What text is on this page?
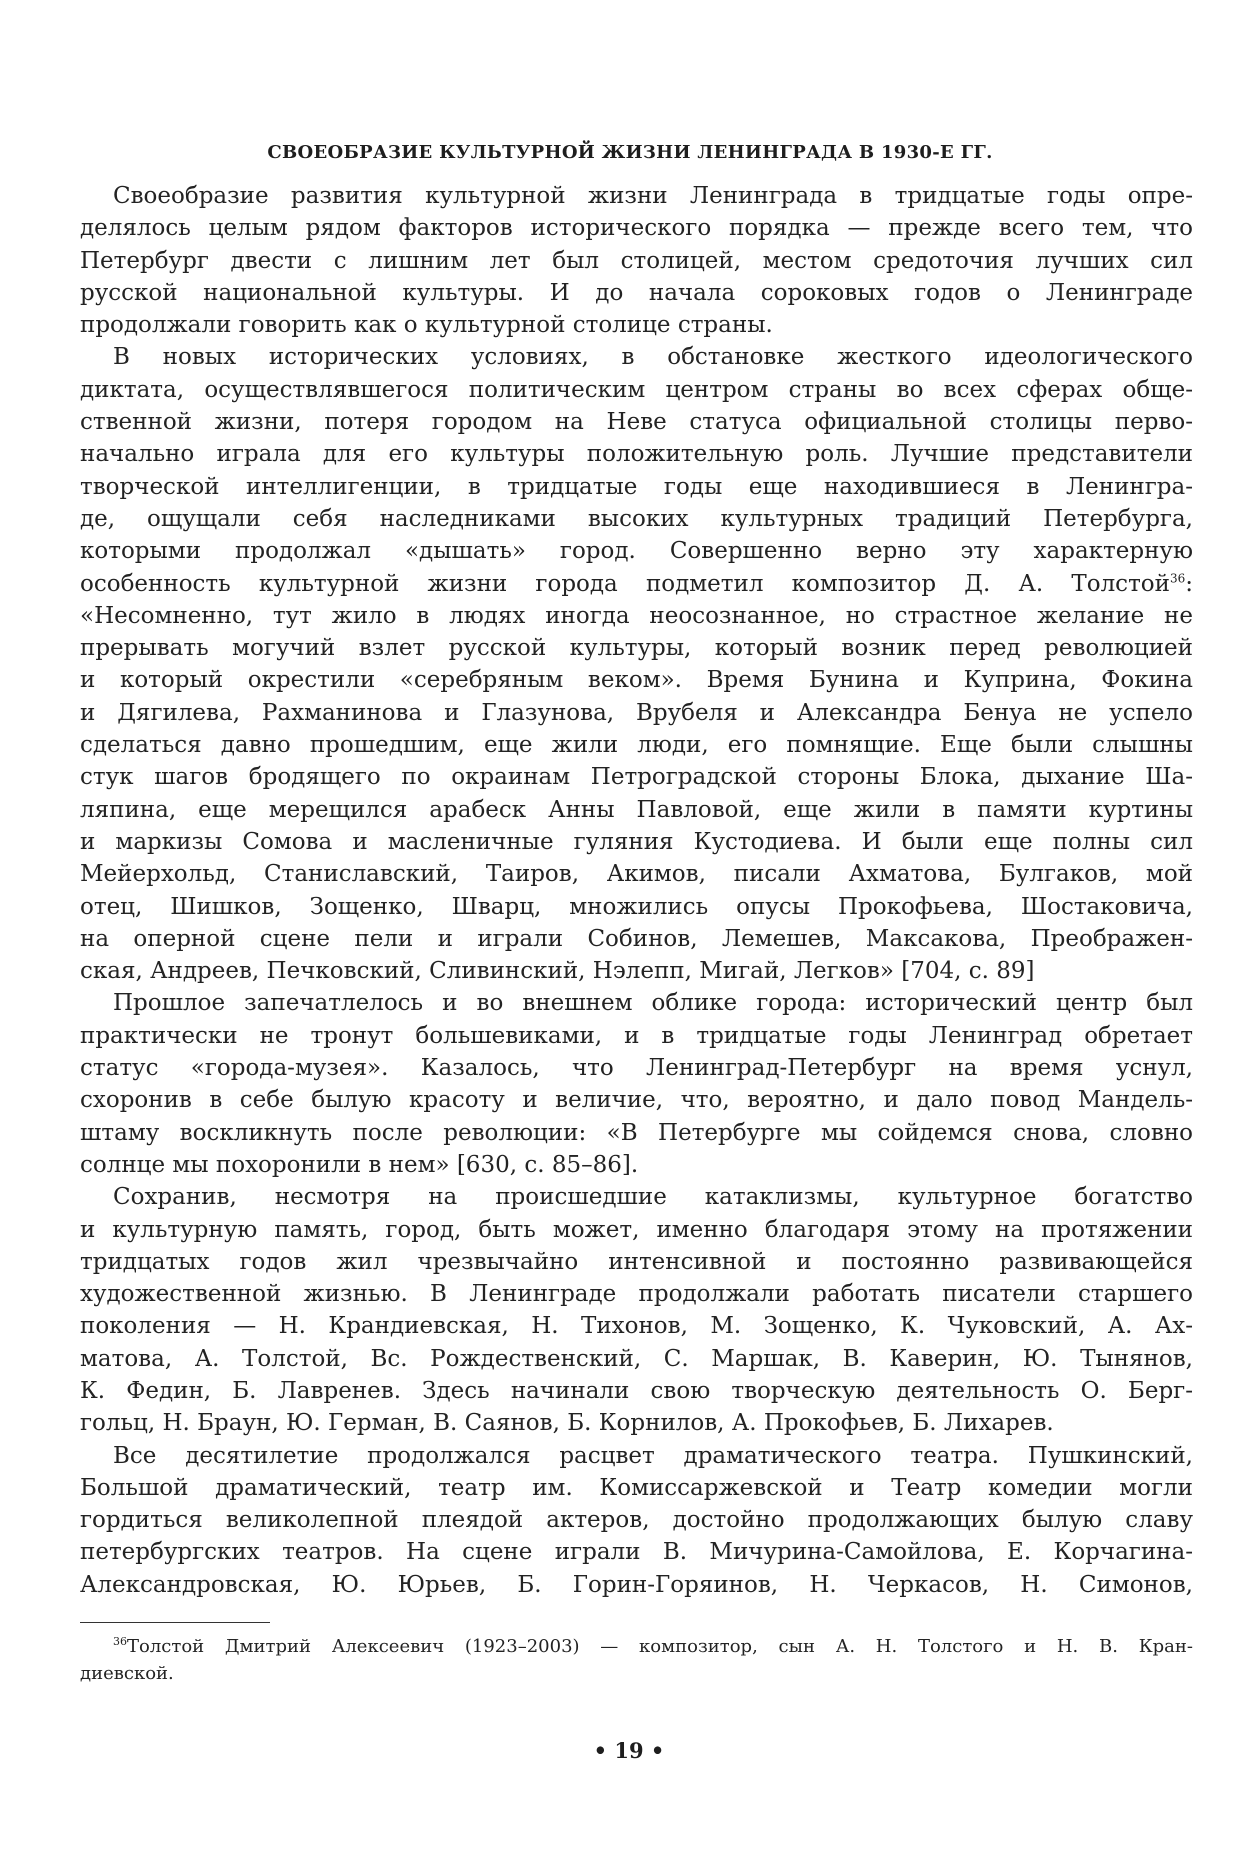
СВОЕОБРАЗИЕ КУЛЬТУРНОЙ ЖИЗНИ ЛЕНИНГРАДА В 1930-Е ГГ.
Своеобразие развития культурной жизни Ленинграда в тридцатые годы опре-
делялось целым рядом факторов исторического порядка — прежде всего тем, что
Петербург двести с лишним лет был столицей, местом средоточия лучших сил
русской национальной культуры. И до начала сороковых годов о Ленинграде
продолжали говорить как о культурной столице страны.
В новых исторических условиях, в обстановке жесткого идеологического
диктата, осуществлявшегося политическим центром страны во всех сферах обще-
ственной жизни, потеря городом на Неве статуса официальной столицы перво-
начально играла для его культуры положительную роль. Лучшие представители
творческой интеллигенции, в тридцатые годы еще находившиеся в Ленингра-
де, ощущали себя наследниками высоких культурных традиций Петербурга,
которыми продолжал «дышать» город. Совершенно верно эту характерную
особенность культурной жизни города подметил композитор Д. А. Толстой$^{36}$:
«Несомненно, тут жило в людях иногда неосознанное, но страстное желание не
прерывать могучий взлет русской культуры, который возник перед революцией
и который окрестили «серебряным веком». Время Бунина и Куприна, Фокина
и Дягилева, Рахманинова и Глазунова, Врубеля и Александра Бенуа не успело
сделаться давно прошедшим, еще жили люди, его помнящие. Еще были слышны
стук шагов бродящего по окраинам Петроградской стороны Блока, дыхание Ша-
ляпина, еще мерещился арабеск Анны Павловой, еще жили в памяти куртины
и маркизы Сомова и масленичные гуляния Кустодиева. И были еще полны сил
Мейерхольд, Станиславский, Таиров, Акимов, писали Ахматова, Булгаков, мой
отец, Шишков, Зощенко, Шварц, множились опусы Прокофьева, Шостаковича,
на оперной сцене пели и играли Собинов, Лемешев, Максакова, Преображен-
ская, Андреев, Печковский, Сливинский, Нэлепп, Мигай, Легков» [704, с. 89]
Прошлое запечатлелось и во внешнем облике города: исторический центр был
практически не тронут большевиками, и в тридцатые годы Ленинград обретает
статус «города-музея». Казалось, что Ленинград-Петербург на время уснул,
схоронив в себе былую красоту и величие, что, вероятно, и дало повод Мандель-
штаму воскликнуть после революции: «В Петербурге мы сойдемся снова, словно
солнце мы похоронили в нем» [630, с. 85–86].
Сохранив, несмотря на происшедшие катаклизмы, культурное богатство
и культурную память, город, быть может, именно благодаря этому на протяжении
тридцатых годов жил чрезвычайно интенсивной и постоянно развивающейся
художественной жизнью. В Ленинграде продолжали работать писатели старшего
поколения — Н. Крандиевская, Н. Тихонов, М. Зощенко, К. Чуковский, А. Ах-
матова, А. Толстой, Вс. Рождественский, С. Маршак, В. Каверин, Ю. Тынянов,
К. Федин, Б. Лавренев. Здесь начинали свою творческую деятельность О. Берг-
гольц, Н. Браун, Ю. Герман, В. Саянов, Б. Корнилов, А. Прокофьев, Б. Лихарев.
Все десятилетие продолжался расцвет драматического театра. Пушкинский,
Большой драматический, театр им. Комиссаржевской и Театр комедии могли
гордиться великолепной плеядой актеров, достойно продолжающих былую славу
петербургских театров. На сцене играли В. Мичурина-Самойлова, Е. Корчагина-
Александровская, Ю. Юрьев, Б. Горин-Горяинов, Н. Черкасов, Н. Симонов,
$^{36}$Толстой Дмитрий Алексеевич (1923–2003) — композитор, сын А. Н. Толстого и Н. В. Кран-
диевской.
• 19 •
